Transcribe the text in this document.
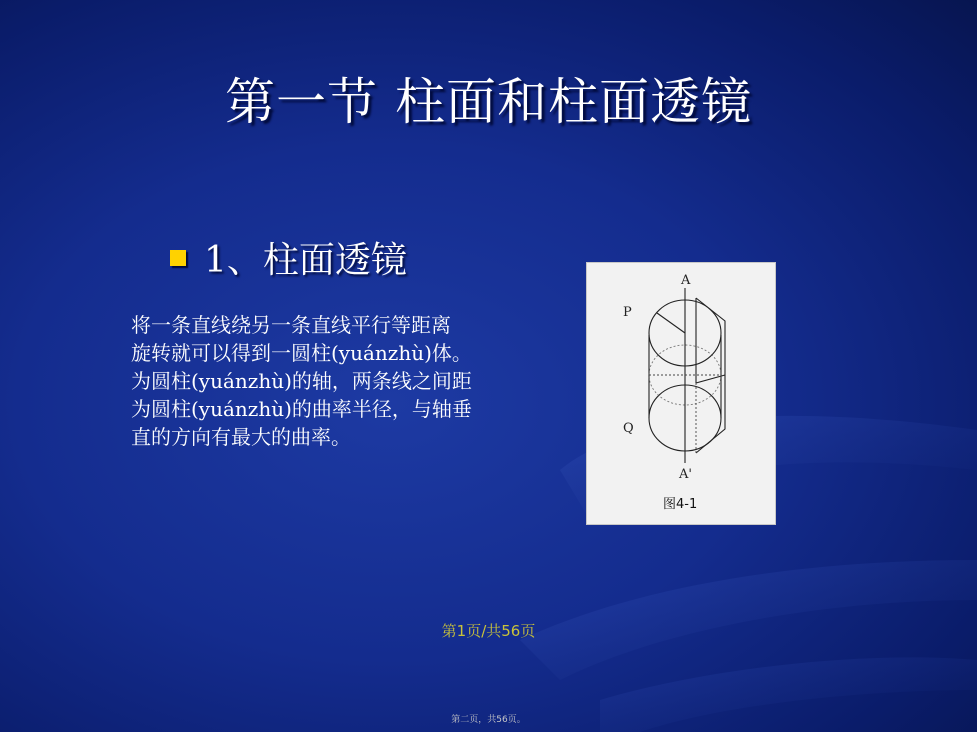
第一节 柱面和柱面透镜
1、柱面透镜
将一条直线绕另一条直线平行等距离
旋转就可以得到一圆柱(yuánzhù)体。
为圆柱(yuánzhù)的轴，两条线之间距
为圆柱(yuánzhù)的曲率半径，与轴垂
直的方向有最大的曲率。
A
P
Q
A'
图4-1
第1页/共56页
第二页，共56页。
